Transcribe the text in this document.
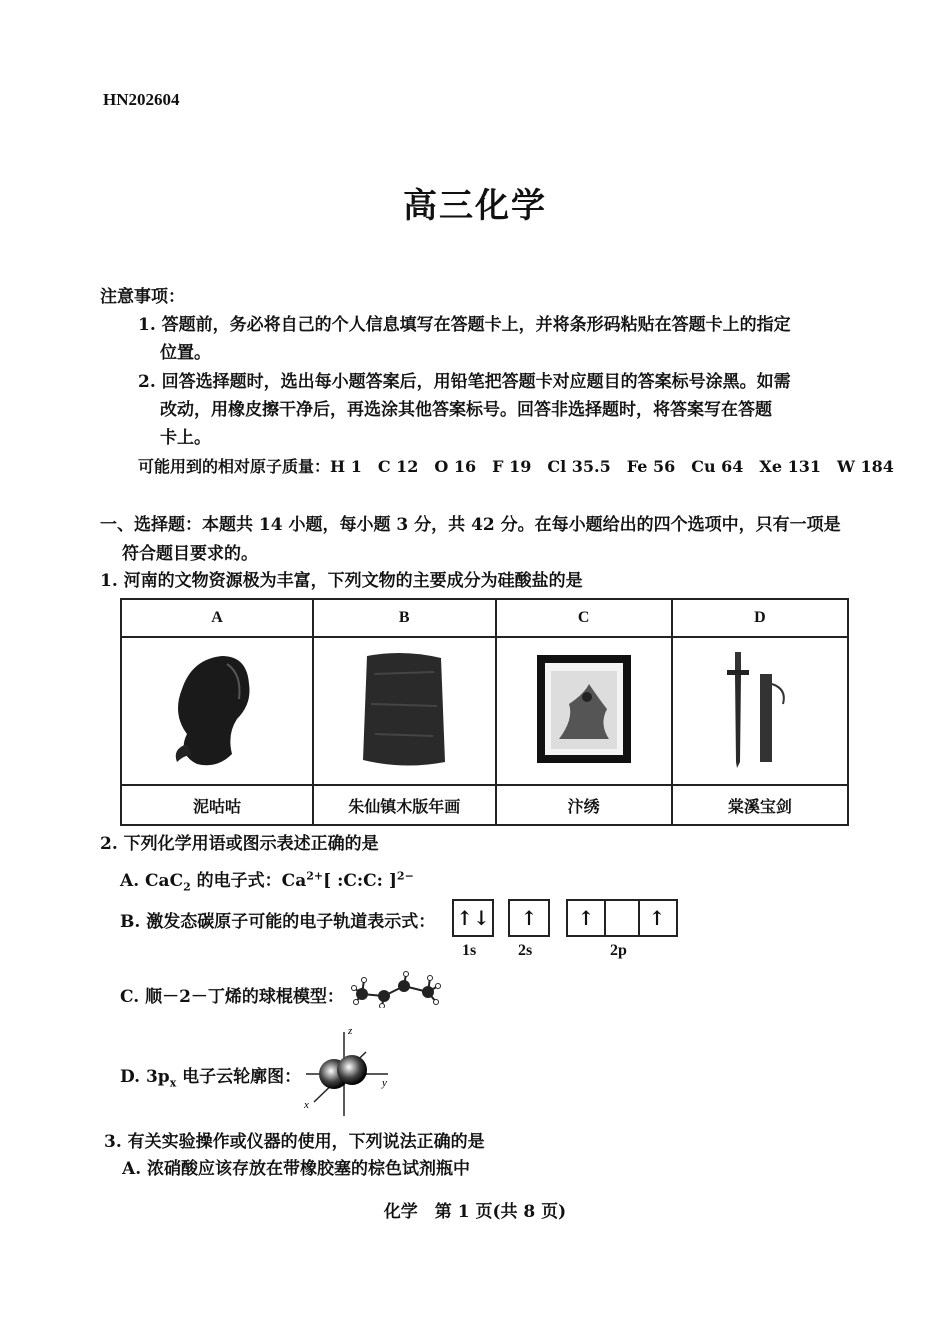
HN202604
高三化学
注意事项：
1. 答题前，务必将自己的个人信息填写在答题卡上，并将条形码粘贴在答题卡上的指定
位置。
2. 回答选择题时，选出每小题答案后，用铅笔把答题卡对应题目的答案标号涂黑。如需
改动，用橡皮擦干净后，再选涂其他答案标号。回答非选择题时，将答案写在答题
卡上。
可能用到的相对原子质量：H 1　C 12　O 16　F 19　Cl 35.5　Fe 56　Cu 64　Xe 131　W 184
一、选择题：本题共 14 小题，每小题 3 分，共 42 分。在每小题给出的四个选项中，只有一项是
符合题目要求的。
1. 河南的文物资源极为丰富，下列文物的主要成分为硅酸盐的是
A	B	C	D

泥咕咕	朱仙镇木版年画	汴绣	棠溪宝剑
2. 下列化学用语或图示表述正确的是
A. CaC$_2$ 的电子式：$Ca^{2+}$[ :C:C: ]$^{2-}$
B. 激发态碳原子可能的电子轨道表示式： ↑↓	↑	↑	↑
1s	2s	2p
C. 顺－2－丁烯的球棍模型：
D. $3p_x$ 电子云轮廓图：
z
y
x
3. 有关实验操作或仪器的使用，下列说法正确的是
A. 浓硝酸应该存放在带橡胶塞的棕色试剂瓶中
化学　第 1 页(共 8 页)
